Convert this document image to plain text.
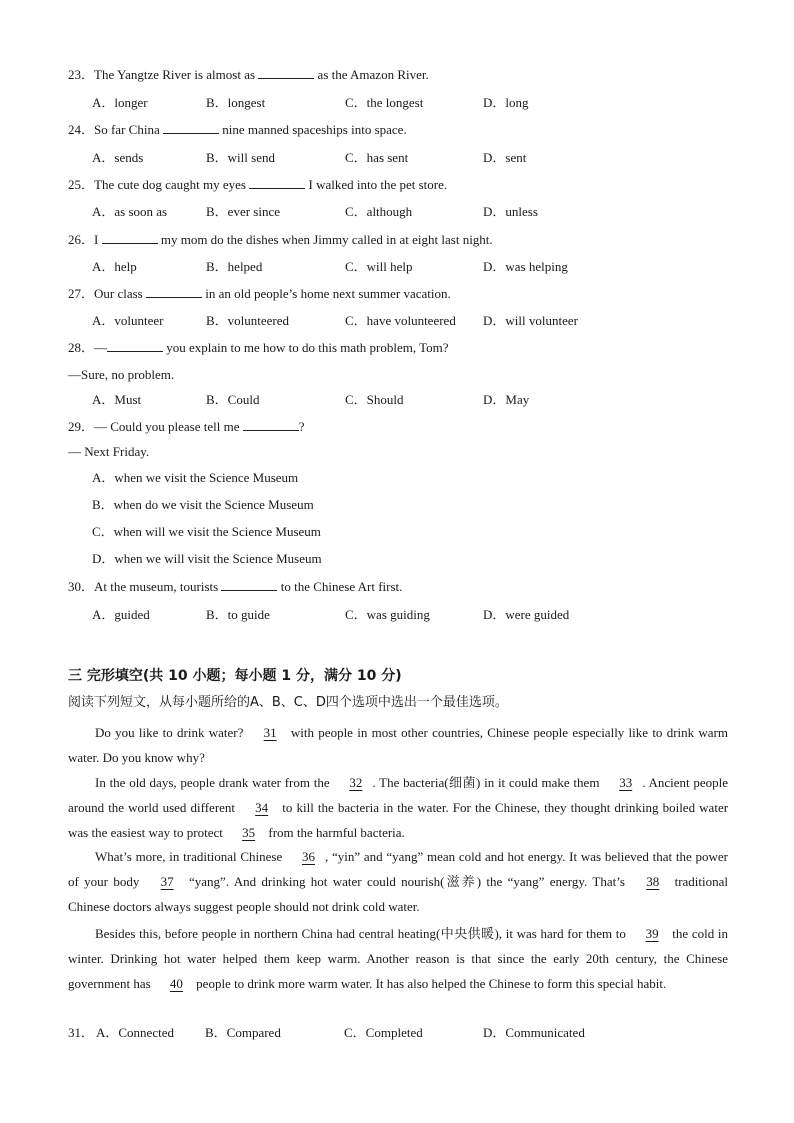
23．The Yangtze River is almost as	as the Amazon River.
A．longer	B．longest	C．the longest	D．long
24．So far China	nine manned spaceships into space.
A．sends	B．will send	C．has sent	D．sent
25．The cute dog caught my eyes	I walked into the pet store.
A．as soon as	B．ever since	C．although	D．unless
26．I	my mom do the dishes when Jimmy called in at eight last night.
A．help	B．helped	C．will help	D．was helping
27．Our class	in an old people’s home next summer vacation.
A．volunteer	B．volunteered	C．have volunteered D．will volunteer
28．—	you explain to me how to do this math problem, Tom?
—Sure, no problem.
A．Must	B．Could	C．Should	D．May
29．— Could you please tell me	?
— Next Friday.
A．when we visit the Science Museum
B．when do we visit the Science Museum
C．when will we visit the Science Museum
D．when we will visit the Science Museum
30．At the museum, tourists	to the Chinese Art first.
A．guided	B．to guide	C．was guiding	D．were guided
三 完形填空(共 10 小题；每小题 1 分，满分 10 分)
阅读下列短文，从每小题所给的A、B、C、D四个选项中选出一个最佳选项。
Do you like to drink water? 31 with people in most other countries, Chinese people especially like to drink warm water. Do you know why?
In the old days, people drank water from the 32 . The bacteria(细菌) in it could make them 33 . Ancient people around the world used different 34 to kill the bacteria in the water. For the Chinese, they thought drinking boiled water was the easiest way to protect 35 from the harmful bacteria.
What’s more, in traditional Chinese 36 , “yin” and “yang” mean cold and hot energy. It was believed that the power of your body 37 “yang”. And drinking hot water could nourish(滋养) the “yang” energy. That’s 38 traditional Chinese doctors always suggest people should not drink cold water.
Besides this, before people in northern China had central heating(中央供暖), it was hard for them to 39 the cold in winter. Drinking hot water helped them keep warm. Another reason is that since the early 20th century, the Chinese government has 40 people to drink more warm water. It has also helped the Chinese to form this special habit.
31． A．Connected B．Compared	C．Completed	D．Communicated
